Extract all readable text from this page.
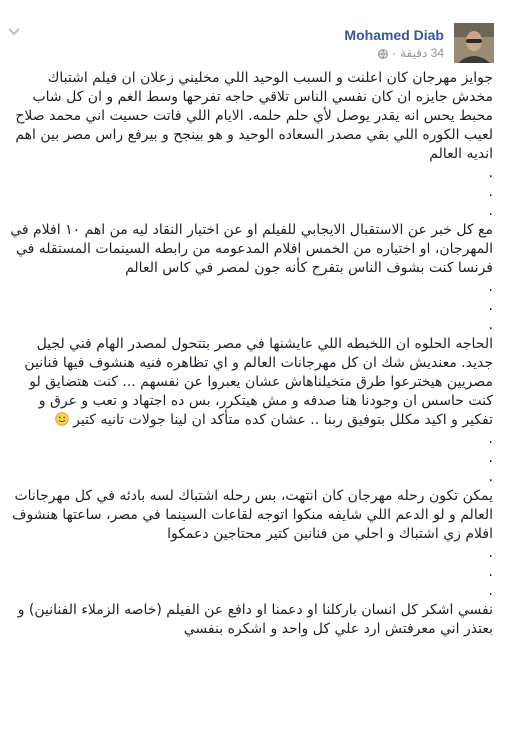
Mohamed Diab
34 دقيقة
·

جوايز مهرجان كان اعلنت و السبب الوحيد اللي مخليني زعلان ان فيلم اشتباك مخدش جايزه ان كان نفسي الناس تلاقي حاجه تفرحها وسط الغم و ان كل شاب محبط يحس انه يقدر يوصل لأي حلم حلمه. الايام اللي فاتت حسيت اني محمد صلاح لعيب الكوره اللي بقي مصدر السعاده الوحيد و هو بينجح و بيرفع راس مصر بين اهم انديه العالم

.
.
.

مع كل خبر عن الاستقبال الايجابي للفيلم او عن اختيار النقاد ليه من اهم ١٠ افلام في المهرجان، او اختياره من الخمس افلام المدعومه من رابطه السينمات المستقله في فرنسا كنت بشوف الناس بتفرح كأنه جون لمصر في كاس العالم

.
.
.

الحاجه الحلوه ان اللخبطه اللي عايشنها في مصر بتتحول لمصدر الهام فني لجيل جديد. معنديش شك ان كل مهرجانات العالم و اي تظاهره فنيه هنشوف فيها فنانين مصريين هيخترعوا طرق متخيلناهاش عشان يعبروا عن نفسهم ... كنت هتضايق لو كنت حاسس ان وجودنا هنا صدفه و مش هيتكرر، بس ده اجتهاد و تعب و عرق و تفكير و اكيد مكلل بتوفيق ربنا .. عشان كده متأكد ان لينا جولات تانيه كتير

.
.
.

يمكن تكون رحله مهرجان كان انتهت، بس رحله اشتباك لسه بادئه في كل مهرجانات العالم و لو الدعم اللي شايفه منكوا اتوجه لقاعات السينما في مصر، ساعتها هنشوف افلام زي اشتباك و احلي من فنانين كتير محتاجين دعمكوا

.
.
.

نفسي اشكر كل انسان باركلنا او دعمنا او دافع عن الفيلم (خاصه الزملاء الفنانين) و بعتذر اني معرفتش ارد علي كل واحد و اشكره بنفسي
